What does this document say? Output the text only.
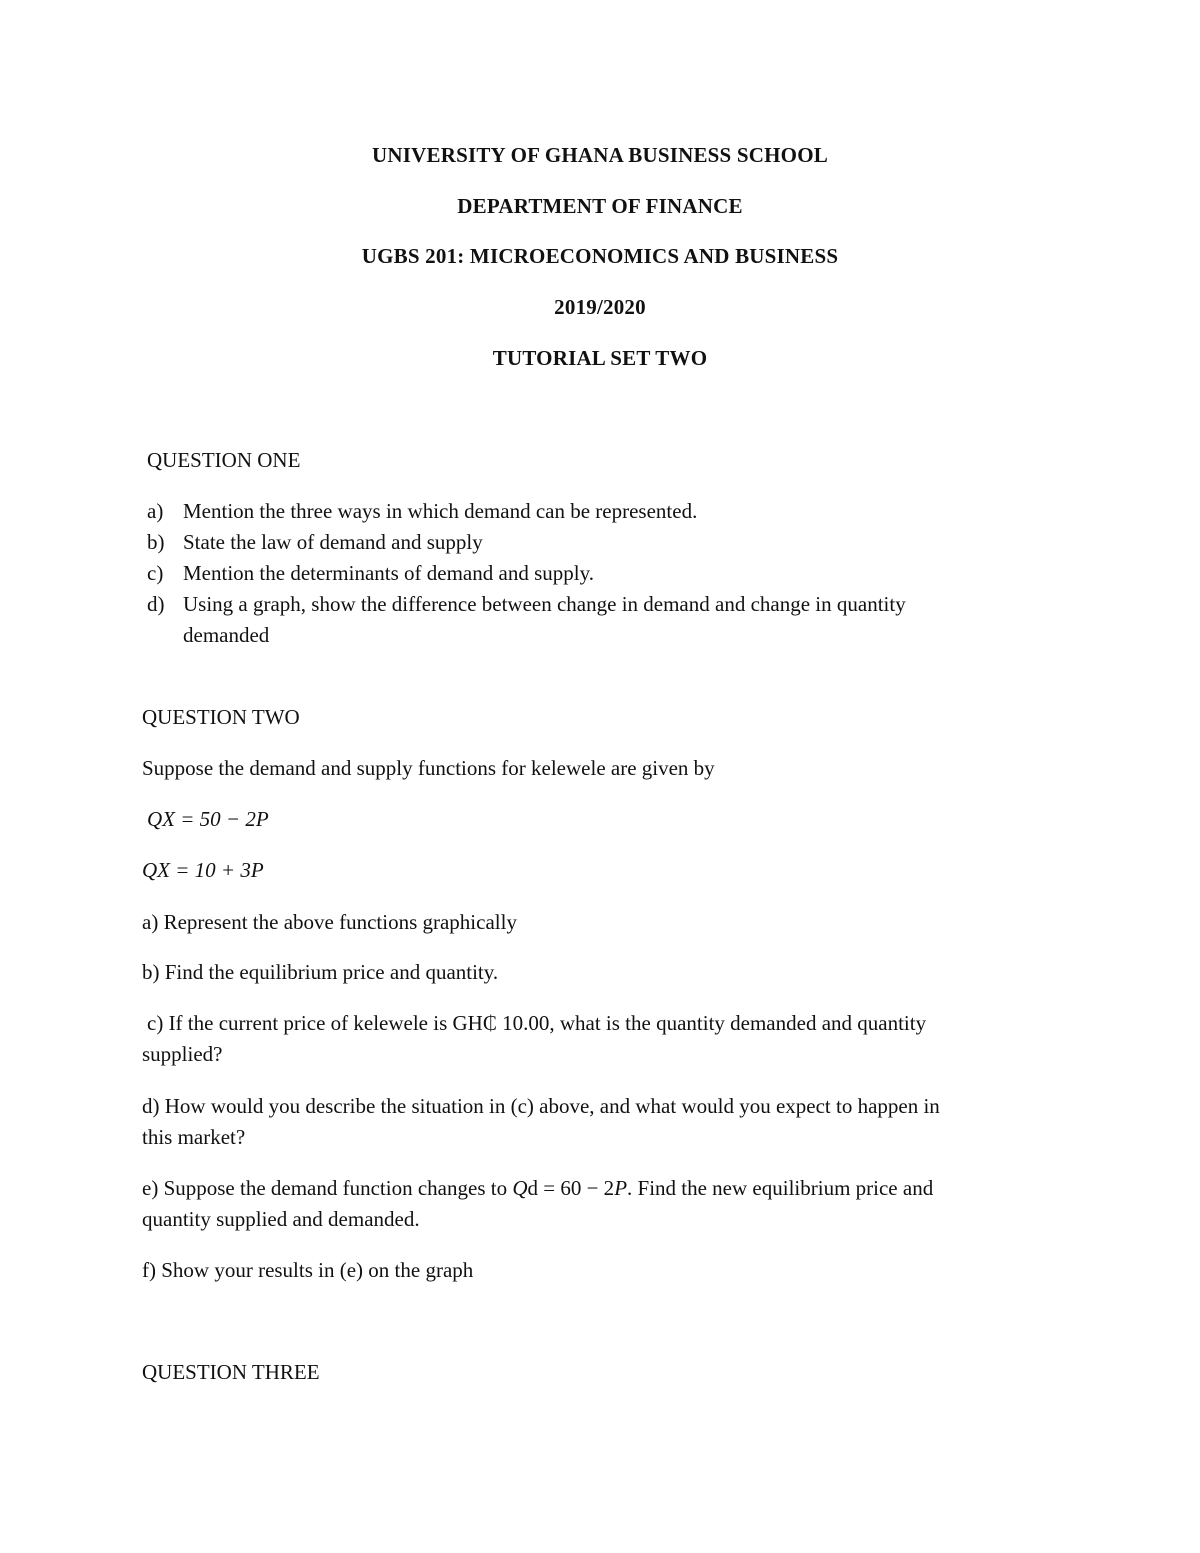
UNIVERSITY OF GHANA BUSINESS SCHOOL
DEPARTMENT OF FINANCE
UGBS 201: MICROECONOMICS AND BUSINESS
2019/2020
TUTORIAL SET TWO
QUESTION ONE
a) Mention the three ways in which demand can be represented.
b) State the law of demand and supply
c) Mention the determinants of demand and supply.
d) Using a graph, show the difference between change in demand and change in quantity
demanded
QUESTION TWO
Suppose the demand and supply functions for kelewele are given by
QX = 50 − 2P
QX = 10 + 3P
a) Represent the above functions graphically
b) Find the equilibrium price and quantity.
c) If the current price of kelewele is GH₵ 10.00, what is the quantity demanded and quantity
supplied?
d) How would you describe the situation in (c) above, and what would you expect to happen in
this market?
e) Suppose the demand function changes to Qd = 60 − 2P. Find the new equilibrium price and
quantity supplied and demanded.
f) Show your results in (e) on the graph
QUESTION THREE
